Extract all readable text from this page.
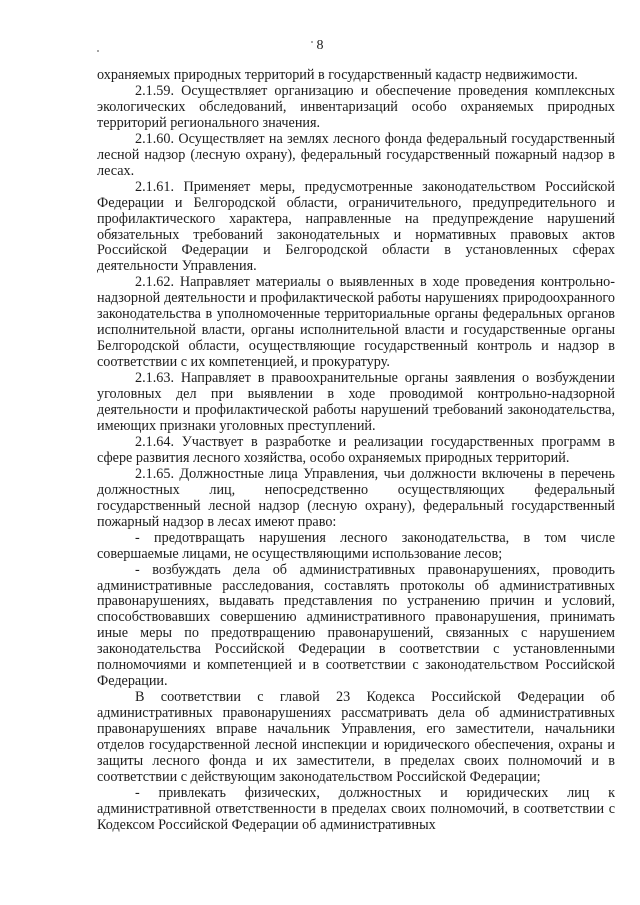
8

охраняемых природных территорий в государственный кадастр недвижимости.

2.1.59. Осуществляет организацию и обеспечение проведения комплексных экологических обследований, инвентаризаций особо охраняемых природных территорий регионального значения.

2.1.60. Осуществляет на землях лесного фонда федеральный государственный лесной надзор (лесную охрану), федеральный государственный пожарный надзор в лесах.

2.1.61. Применяет меры, предусмотренные законодательством Российской Федерации и Белгородской области, ограничительного, предупредительного и профилактического характера, направленные на предупреждение нарушений обязательных требований законодательных и нормативных правовых актов Российской Федерации и Белгородской области в установленных сферах деятельности Управления.

2.1.62. Направляет материалы о выявленных в ходе проведения контрольно-надзорной деятельности и профилактической работы нарушениях природоохранного законодательства в уполномоченные территориальные органы федеральных органов исполнительной власти, органы исполнительной власти и государственные органы Белгородской области, осуществляющие государственный контроль и надзор в соответствии с их компетенцией, и прокуратуру.

2.1.63. Направляет в правоохранительные органы заявления о возбуждении уголовных дел при выявлении в ходе проводимой контрольно-надзорной деятельности и профилактической работы нарушений требований законодательства, имеющих признаки уголовных преступлений.

2.1.64. Участвует в разработке и реализации государственных программ в сфере развития лесного хозяйства, особо охраняемых природных территорий.

2.1.65. Должностные лица Управления, чьи должности включены в перечень должностных лиц, непосредственно осуществляющих федеральный государственный лесной надзор (лесную охрану), федеральный государственный пожарный надзор в лесах имеют право:

- предотвращать нарушения лесного законодательства, в том числе совершаемые лицами, не осуществляющими использование лесов;

- возбуждать дела об административных правонарушениях, проводить административные расследования, составлять протоколы об административных правонарушениях, выдавать представления по устранению причин и условий, способствовавших совершению административного правонарушения, принимать иные меры по предотвращению правонарушений, связанных с нарушением законодательства Российской Федерации в соответствии с установленными полномочиями и компетенцией и в соответствии с законодательством Российской Федерации.

В соответствии с главой 23 Кодекса Российской Федерации об административных правонарушениях рассматривать дела об административных правонарушениях вправе начальник Управления, его заместители, начальники отделов государственной лесной инспекции и юридического обеспечения, охраны и защиты лесного фонда и их заместители, в пределах своих полномочий и в соответствии с действующим законодательством Российской Федерации;

- привлекать физических, должностных и юридических лиц к административной ответственности в пределах своих полномочий, в соответствии с Кодексом Российской Федерации об административных
